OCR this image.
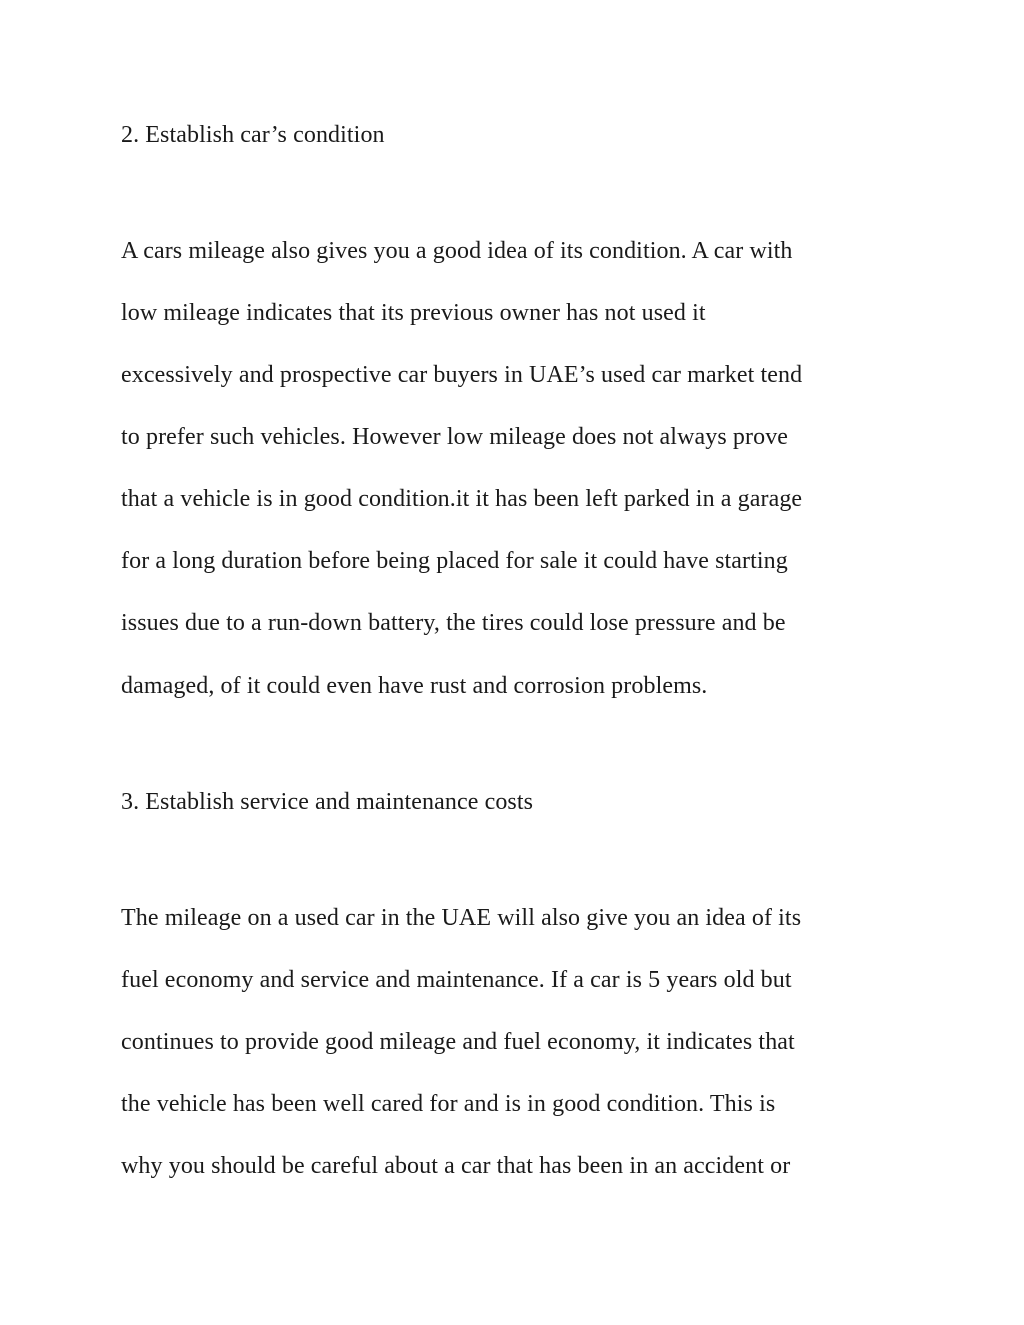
2. Establish car’s condition
A cars mileage also gives you a good idea of its condition. A car with
low mileage indicates that its previous owner has not used it
excessively and prospective car buyers in UAE’s used car market tend
to prefer such vehicles. However low mileage does not always prove
that a vehicle is in good condition.it it has been left parked in a garage
for a long duration before being placed for sale it could have starting
issues due to a run-down battery, the tires could lose pressure and be
damaged, of it could even have rust and corrosion problems.
3. Establish service and maintenance costs
The mileage on a used car in the UAE will also give you an idea of its
fuel economy and service and maintenance. If a car is 5 years old but
continues to provide good mileage and fuel economy, it indicates that
the vehicle has been well cared for and is in good condition. This is
why you should be careful about a car that has been in an accident or
